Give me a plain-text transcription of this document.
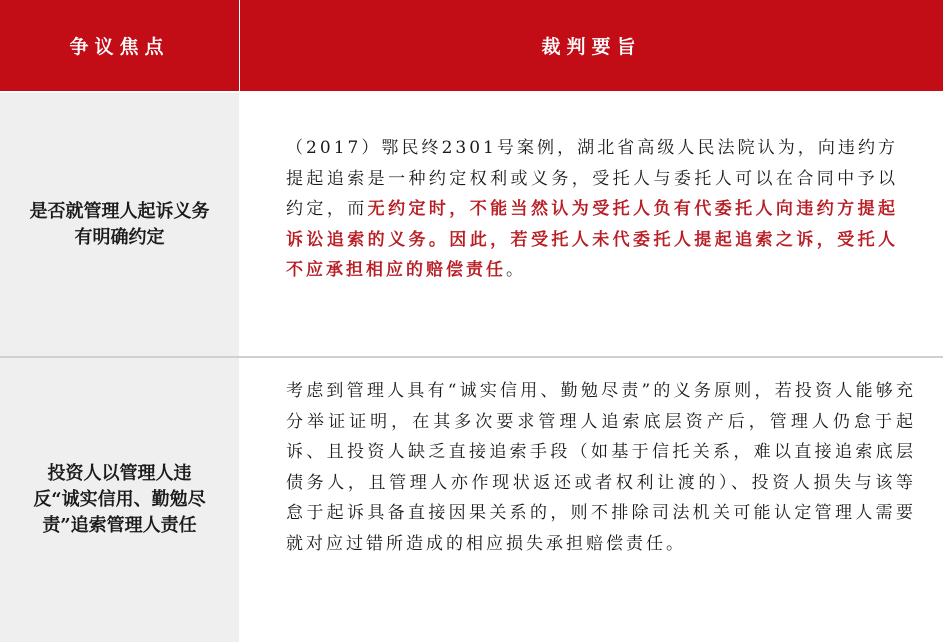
争议焦点	裁判要旨
是否就管理人起诉义务有明确约定
（2017）鄂民终2301号案例，湖北省高级人民法院认为，向违约方提起追索是一种约定权利或义务，受托人与委托人可以在合同中予以约定，而无约定时，不能当然认为受托人负有代委托人向违约方提起诉讼追索的义务。因此，若受托人未代委托人提起追索之诉，受托人不应承担相应的赔偿责任。
投资人以管理人违反“诚实信用、勤勉尽责”追索管理人责任
考虑到管理人具有“诚实信用、勤勉尽责”的义务原则，若投资人能够充分举证证明，在其多次要求管理人追索底层资产后，管理人仍怠于起诉、且投资人缺乏直接追索手段（如基于信托关系，难以直接追索底层债务人，且管理人亦作现状返还或者权利让渡的）、投资人损失与该等怠于起诉具备直接因果关系的，则不排除司法机关可能认定管理人需要就对应过错所造成的相应损失承担赔偿责任。
